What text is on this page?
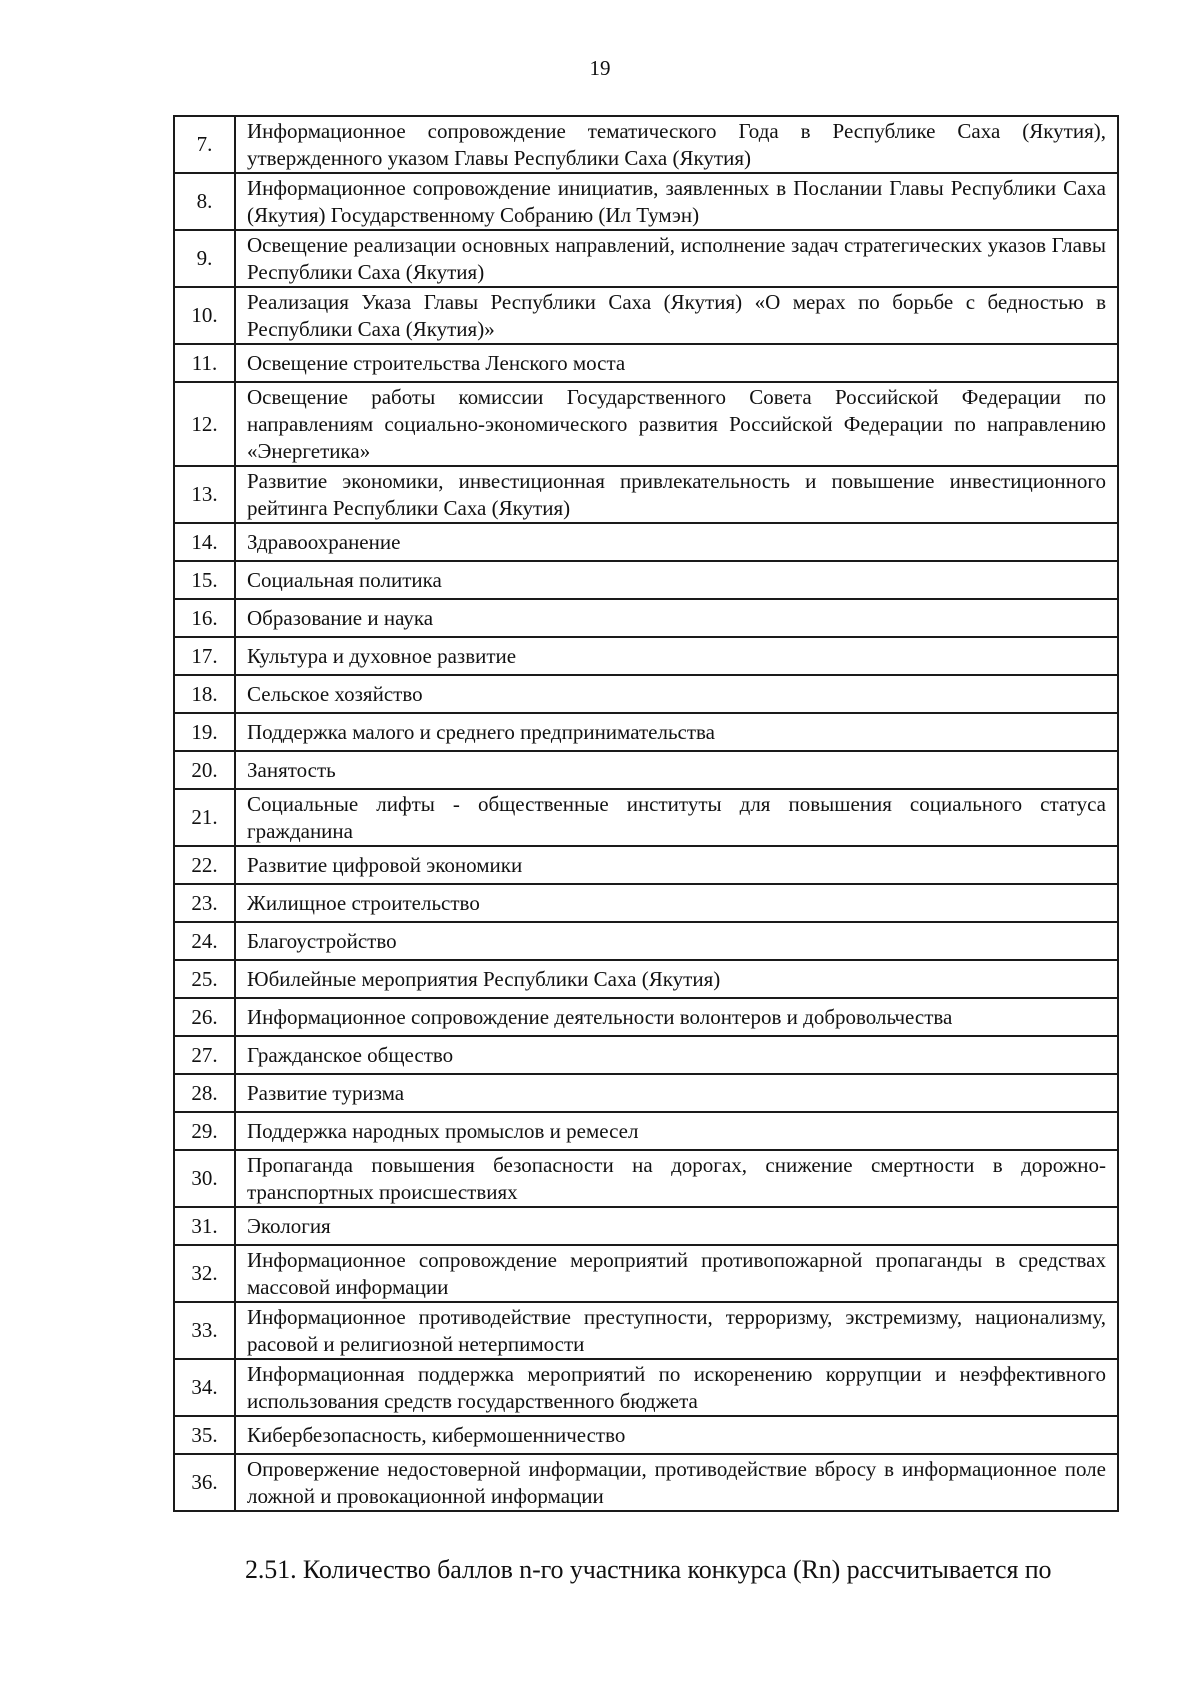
19
7.	Информационное сопровождение тематического Года в Республике Саха (Якутия), утвержденного указом Главы Республики Саха (Якутия)
8.	Информационное сопровождение инициатив, заявленных в Послании Главы Республики Саха (Якутия) Государственному Собранию (Ил Тумэн)
9.	Освещение реализации основных направлений, исполнение задач стратегических указов Главы Республики Саха (Якутия)
10.	Реализация Указа Главы Республики Саха (Якутия) «О мерах по борьбе с бедностью в Республики Саха (Якутия)»
11.	Освещение строительства Ленского моста
12.	Освещение работы комиссии Государственного Совета Российской Федерации по направлениям социально-экономического развития Российской Федерации по направлению «Энергетика»
13.	Развитие экономики, инвестиционная привлекательность и повышение инвестиционного рейтинга Республики Саха (Якутия)
14.	Здравоохранение
15.	Социальная политика
16.	Образование и наука
17.	Культура и духовное развитие
18.	Сельское хозяйство
19.	Поддержка малого и среднего предпринимательства
20.	Занятость
21.	Социальные лифты - общественные институты для повышения социального статуса гражданина
22.	Развитие цифровой экономики
23.	Жилищное строительство
24.	Благоустройство
25.	Юбилейные мероприятия Республики Саха (Якутия)
26.	Информационное сопровождение деятельности волонтеров и добровольчества
27.	Гражданское общество
28.	Развитие туризма
29.	Поддержка народных промыслов и ремесел
30.	Пропаганда повышения безопасности на дорогах, снижение смертности в дорожно-транспортных происшествиях
31.	Экология
32.	Информационное сопровождение мероприятий противопожарной пропаганды в средствах массовой информации
33.	Информационное противодействие преступности, терроризму, экстремизму, национализму, расовой и религиозной нетерпимости
34.	Информационная поддержка мероприятий по искоренению коррупции и неэффективного использования средств государственного бюджета
35.	Кибербезопасность, кибермошенничество
36.	Опровержение недостоверной информации, противодействие вбросу в информационное поле ложной и провокационной информации
2.51. Количество баллов n-го участника конкурса (Rn) рассчитывается по
